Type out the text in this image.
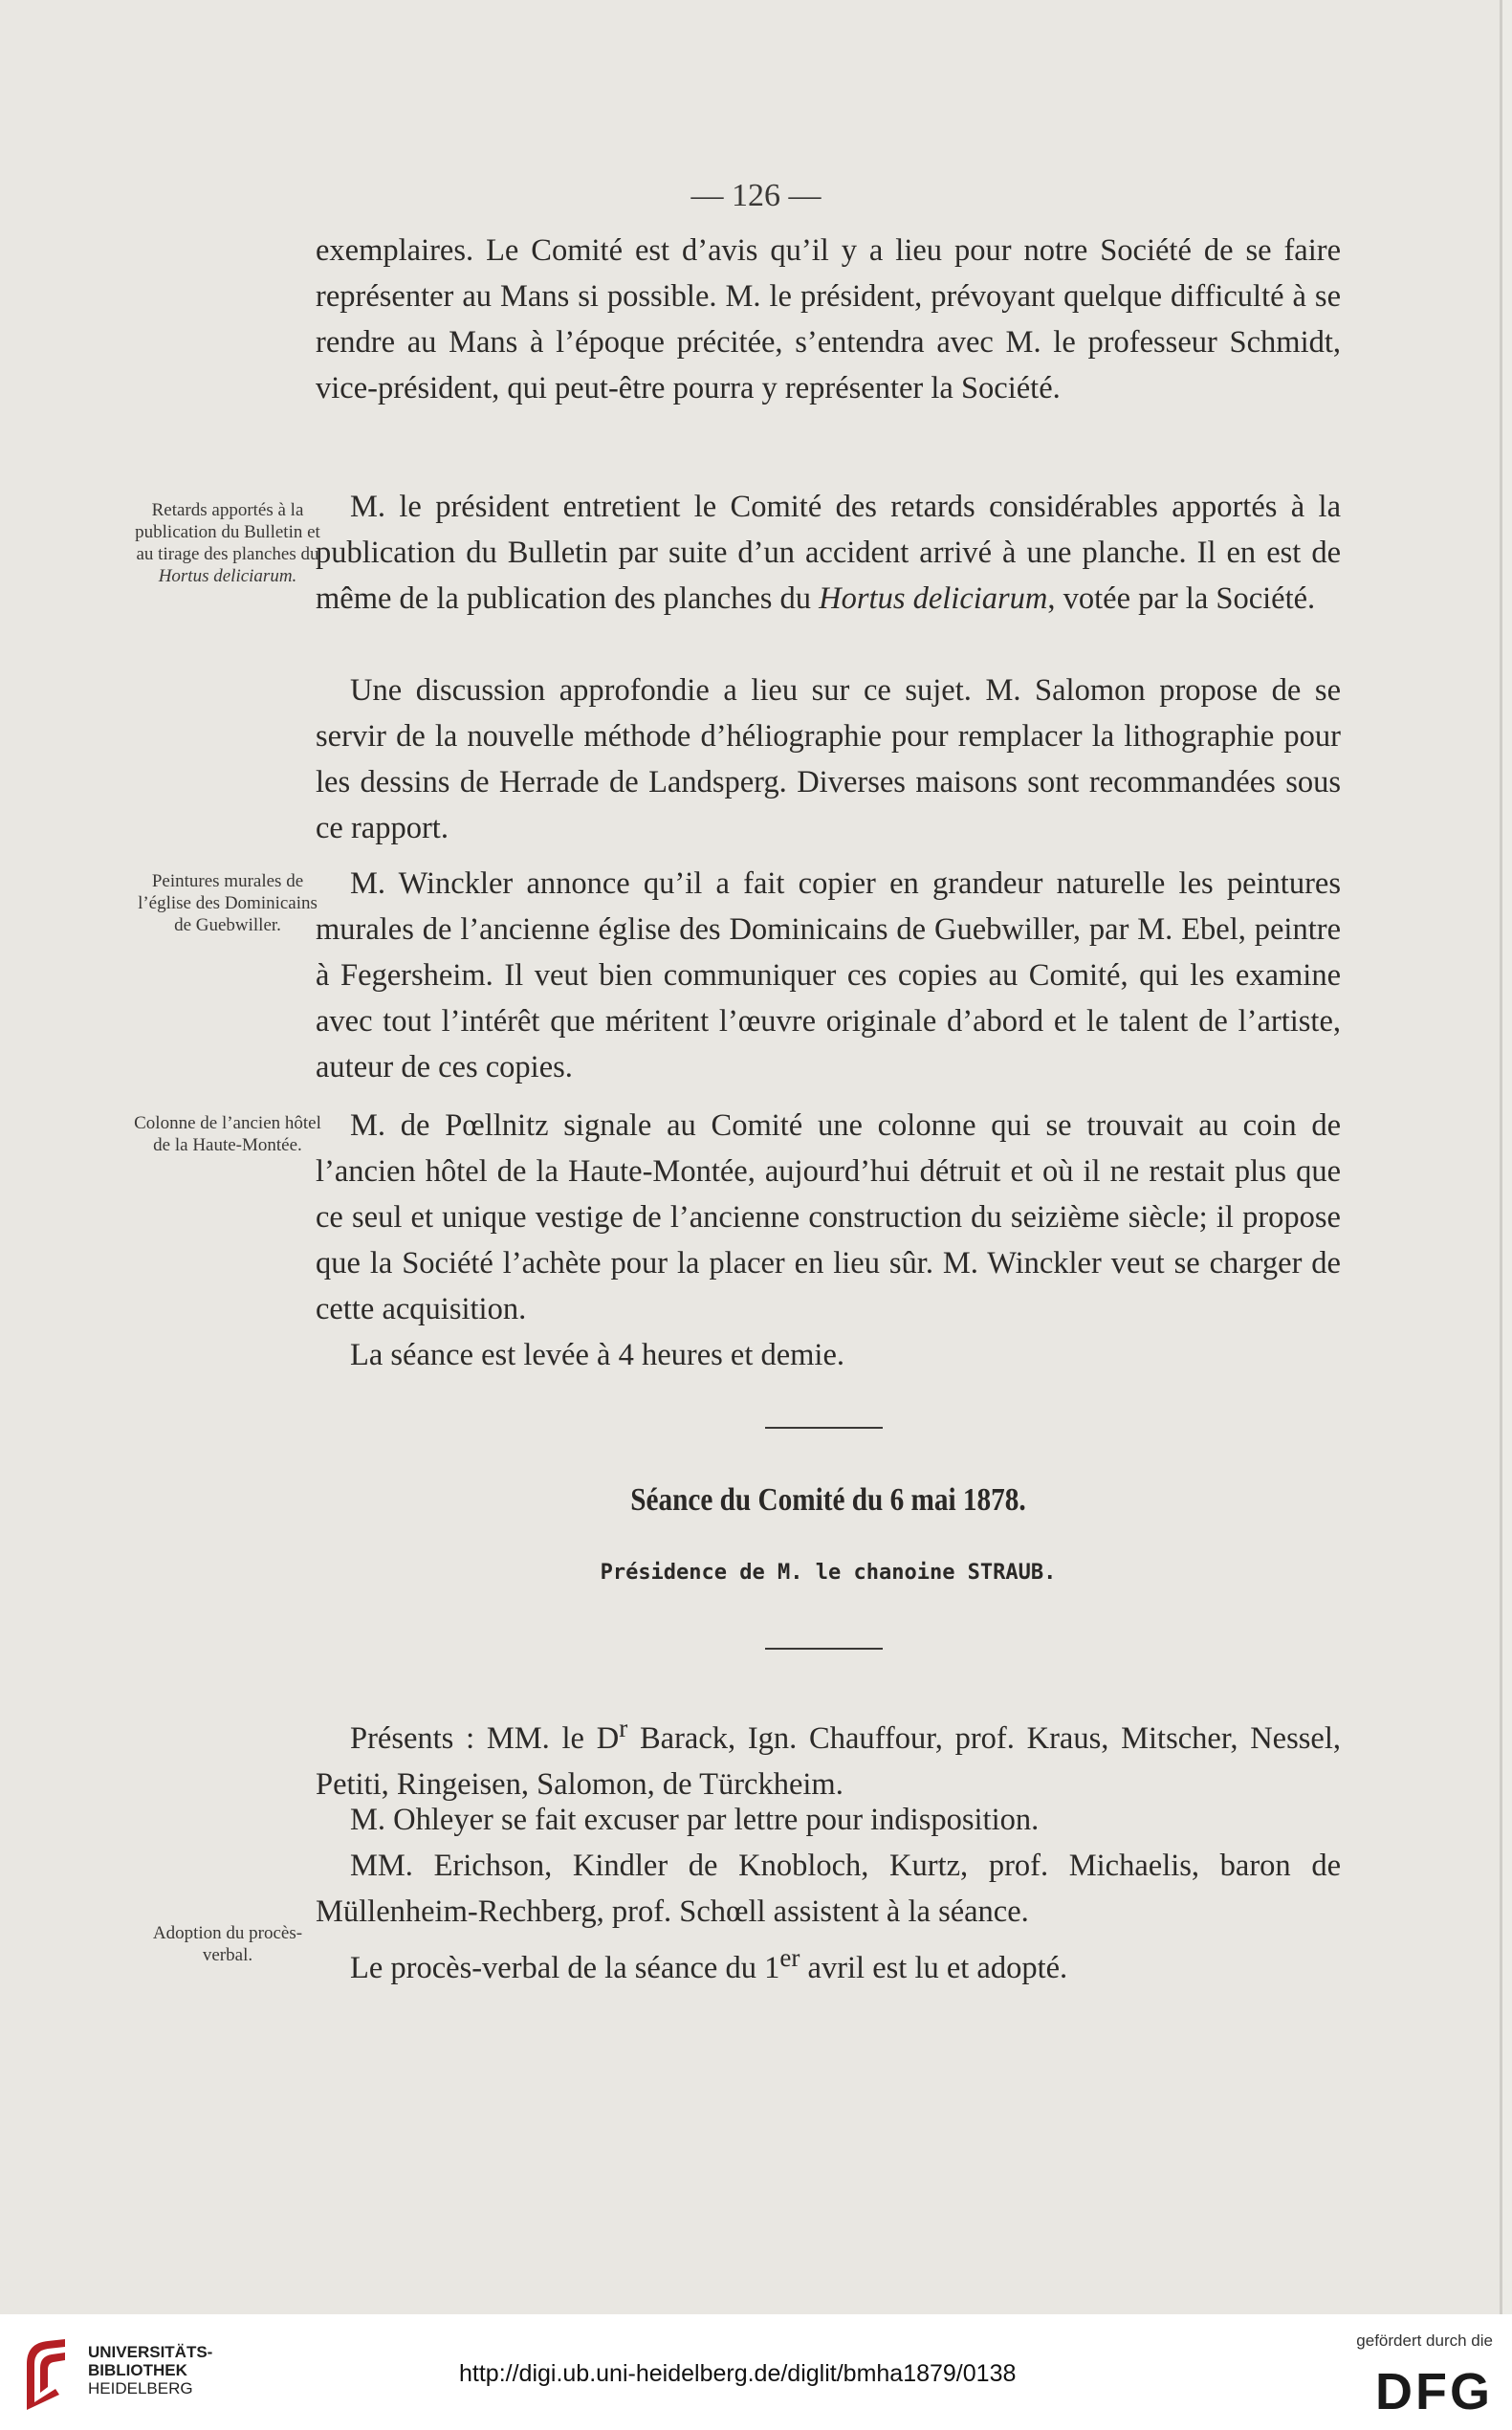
— 126 —

exemplaires. Le Comité est d’avis qu’il y a lieu pour notre Société de se faire représenter au Mans si possible. M. le président, prévoyant quelque difficulté à se rendre au Mans à l’époque précitée, s’entendra avec M. le professeur Schmidt, vice-président, qui peut-être pourra y représenter la Société.

M. le président entretient le Comité des retards considérables apportés à la publication du Bulletin par suite d’un accident arrivé à une planche. Il en est de même de la publication des planches du Hortus deliciarum, votée par la Société.

Une discussion approfondie a lieu sur ce sujet. M. Salomon propose de se servir de la nouvelle méthode d’héliographie pour remplacer la lithographie pour les dessins de Herrade de Landsperg. Diverses maisons sont recommandées sous ce rapport.

M. Winckler annonce qu’il a fait copier en grandeur naturelle les peintures murales de l’ancienne église des Dominicains de Guebwiller, par M. Ebel, peintre à Fegersheim. Il veut bien communiquer ces copies au Comité, qui les examine avec tout l’intérêt que méritent l’œuvre originale d’abord et le talent de l’artiste, auteur de ces copies.

M. de Pœllnitz signale au Comité une colonne qui se trouvait au coin de l’ancien hôtel de la Haute-Montée, aujourd’hui détruit et où il ne restait plus que ce seul et unique vestige de l’ancienne construction du seizième siècle; il propose que la Société l’achète pour la placer en lieu sûr. M. Winckler veut se charger de cette acquisition.

La séance est levée à 4 heures et demie.

Retards apportés à la publication du Bulletin et au tirage des planches du Hortus deliciarum.
Peintures murales de l’église des Dominicains de Guebwiller.
Colonne de l’ancien hôtel de la Haute-Montée.
Adoption du procès-verbal.
Séance du Comité du 6 mai 1878.
Présidence de M. le chanoine STRAUB.

Présents : MM. le $D^r$ Barack, Ign. Chauffour, prof. Kraus, Mitscher, Nessel, Petiti, Ringeisen, Salomon, de Türckheim.

M. Ohleyer se fait excuser par lettre pour indisposition.

MM. Erichson, Kindler de Knobloch, Kurtz, prof. Michaelis, baron de Müllenheim-Rechberg, prof. Schœll assistent à la séance.

Le procès-verbal de la séance du 1er avril est lu et adopté.

UNIVERSITÄTS-
BIBLIOTHEK
HEIDELBERG
http://digi.ub.uni-heidelberg.de/diglit/bmha1879/0138
gefördert durch die
DFG
